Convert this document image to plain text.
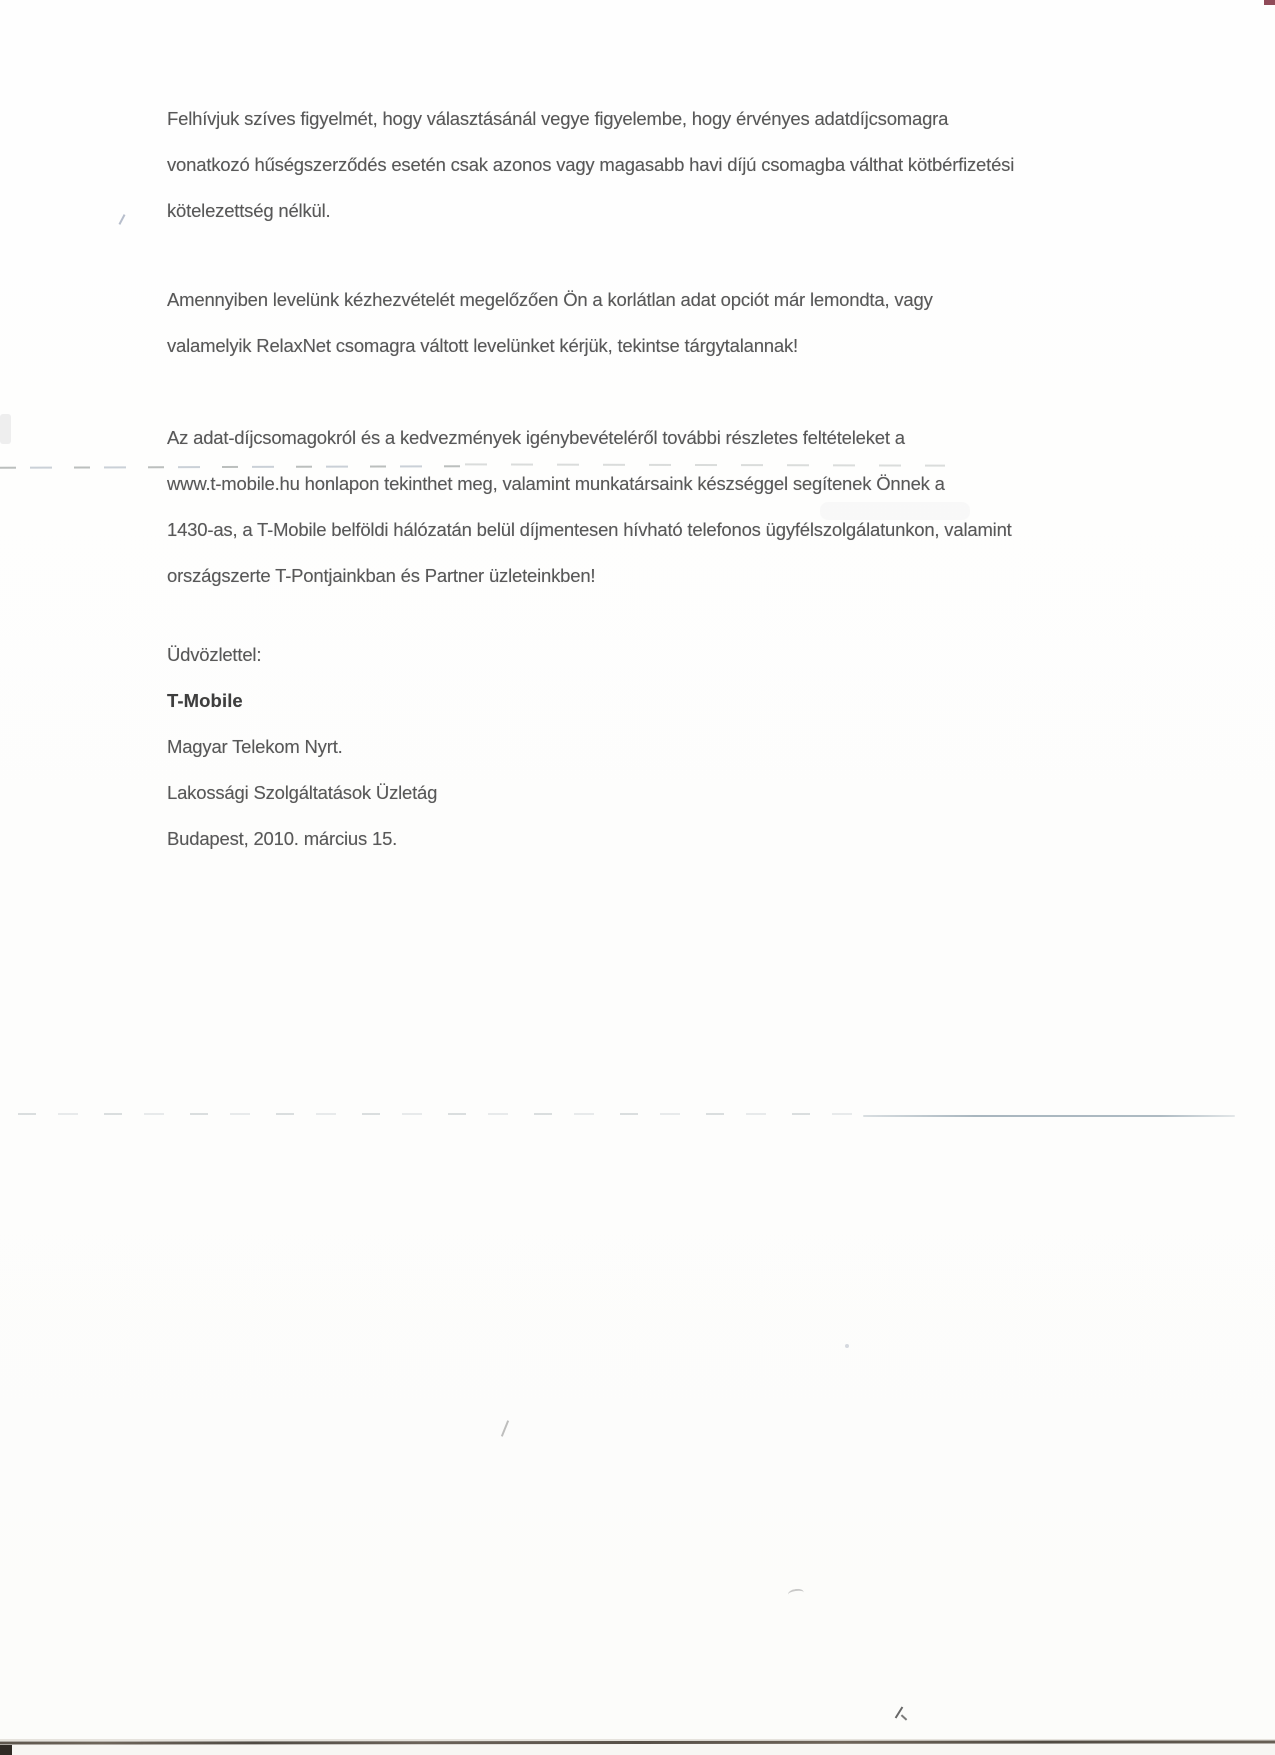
Felhívjuk szíves figyelmét, hogy választásánál vegye figyelembe, hogy érvényes adatdíjcsomagra
vonatkozó hűségszerződés esetén csak azonos vagy magasabb havi díjú csomagba válthat kötbérfizetési
kötelezettség nélkül.
Amennyiben levelünk kézhezvételét megelőzően Ön a korlátlan adat opciót már lemondta, vagy
valamelyik RelaxNet csomagra váltott levelünket kérjük, tekintse tárgytalannak!
Az adat-díjcsomagokról és a kedvezmények igénybevételéről további részletes feltételeket a
www.t-mobile.hu honlapon tekinthet meg, valamint munkatársaink készséggel segítenek Önnek a
1430-as, a T-Mobile belföldi hálózatán belül díjmentesen hívható telefonos ügyfélszolgálatunkon, valamint
országszerte T-Pontjainkban és Partner üzleteinkben!
Üdvözlettel:
T-Mobile
Magyar Telekom Nyrt.
Lakossági Szolgáltatások Üzletág
Budapest, 2010. március 15.
